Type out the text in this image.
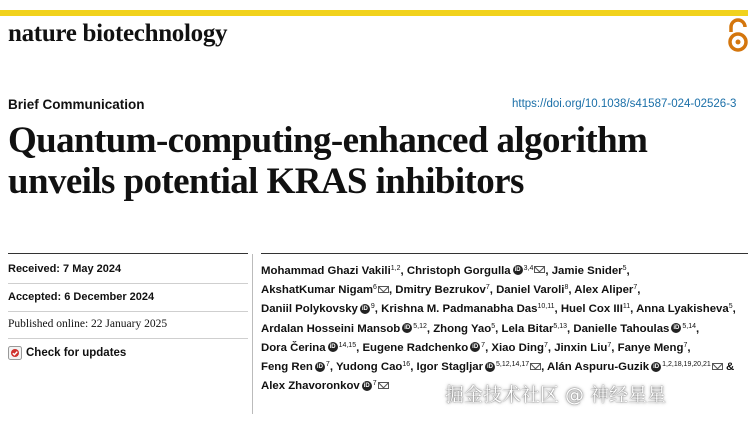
nature biotechnology
Brief Communication	https://doi.org/10.1038/s41587-024-02526-3
Quantum-computing-enhanced algorithm
unveils potential KRAS inhibitors
Received: 7 May 2024
Accepted: 6 December 2024
Published online: 22 January 2025
Check for updates
Mohammad Ghazi Vakili$^{1,2}$, Christoph Gorgulla iD $^{3,4}$ , Jamie Snider$^5$, AkshatKumar Nigam$^6$ , Dmitry Bezrukov$^7$, Daniel Varoli$^8$, Alex Aliper$^7$, Daniil Polykovsky iD $^9$, Krishna M. Padmanabha Das$^{10,11}$, Huel Cox III$^{11}$, Anna Lyakisheva$^5$, Ardalan Hosseini Mansob iD $^{5,12}$, Zhong Yao$^5$, Lela Bitar$^{5,13}$, Danielle Tahoulas iD $^{5,14}$, Dora Čerina iD $^{14,15}$, Eugene Radchenko iD $^7$, Xiao Ding$^7$, Jinxin Liu$^7$, Fanye Meng$^7$, Feng Ren iD $^7$, Yudong Cao$^{16}$, Igor Stagljar iD $^{5,12,14,17}$ , Alán Aspuru-Guzik iD $^{1,2,18,19,20,21}$ & Alex Zhavoronkov iD $^7$
掘金技术社区 @ 神经星星
